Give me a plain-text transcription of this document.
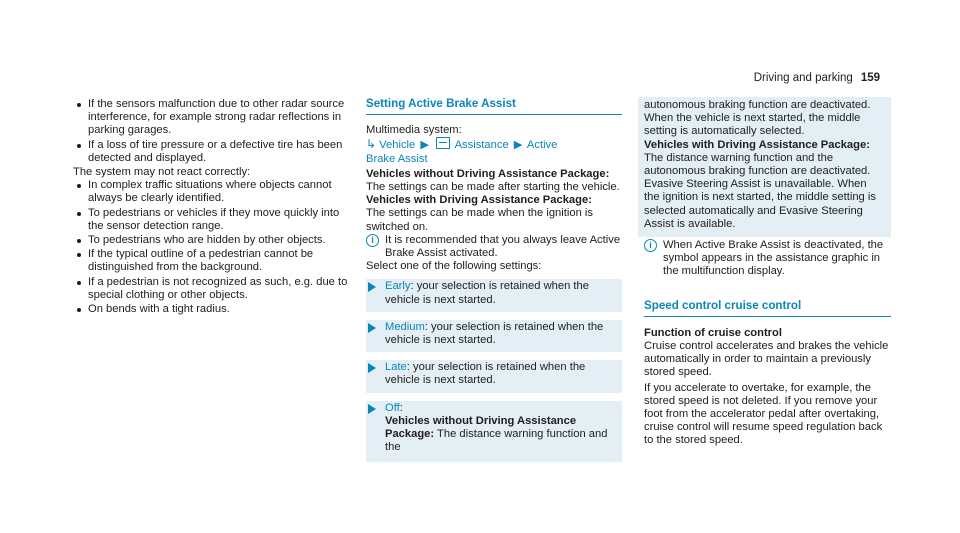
Driving and parking 159
If the sensors malfunction due to other radar source interference, for example strong radar reflections in parking garages.
If a loss of tire pressure or a defective tire has been detected and displayed.

The system may not react correctly:

In complex traffic situations where objects cannot always be clearly identified.
To pedestrians or vehicles if they move quickly into the sensor detection range.
To pedestrians who are hidden by other objects.
If the typical outline of a pedestrian cannot be distinguished from the background.
If a pedestrian is not recognized as such, e.g. due to special clothing or other objects.
On bends with a tight radius.
Setting Active Brake Assist

Multimedia system:

↳ Vehicle ▶ Assistance ▶ Active
Brake Assist

Vehicles without Driving Assistance Package:

The settings can be made after starting the vehicle.

Vehicles with Driving Assistance Package:

The settings can be made when the ignition is switched on.

i	It is recommended that you always leave Active Brake Assist activated.

Select one of the following settings:

Early: your selection is retained when the vehicle is next started.
Medium: your selection is retained when the vehicle is next started.
Late: your selection is retained when the vehicle is next started.
Off:
Vehicles without Driving Assistance Package: The distance warning function and the

autonomous braking function are deactivated. When the vehicle is next started, the middle setting is automatically selected.

Vehicles with Driving Assistance Package:

The distance warning function and the autonomous braking function are deactivated. Evasive Steering Assist is unavailable. When the ignition is next started, the middle setting is selected automatically and Evasive Steering Assist is available.

i	When Active Brake Assist is deactivated, the symbol appears in the assistance graphic in the multifunction display.
Speed control cruise control

Function of cruise control

Cruise control accelerates and brakes the vehicle automatically in order to maintain a previously stored speed.

If you accelerate to overtake, for example, the stored speed is not deleted. If you remove your foot from the accelerator pedal after overtaking, cruise control will resume speed regulation back to the stored speed.
